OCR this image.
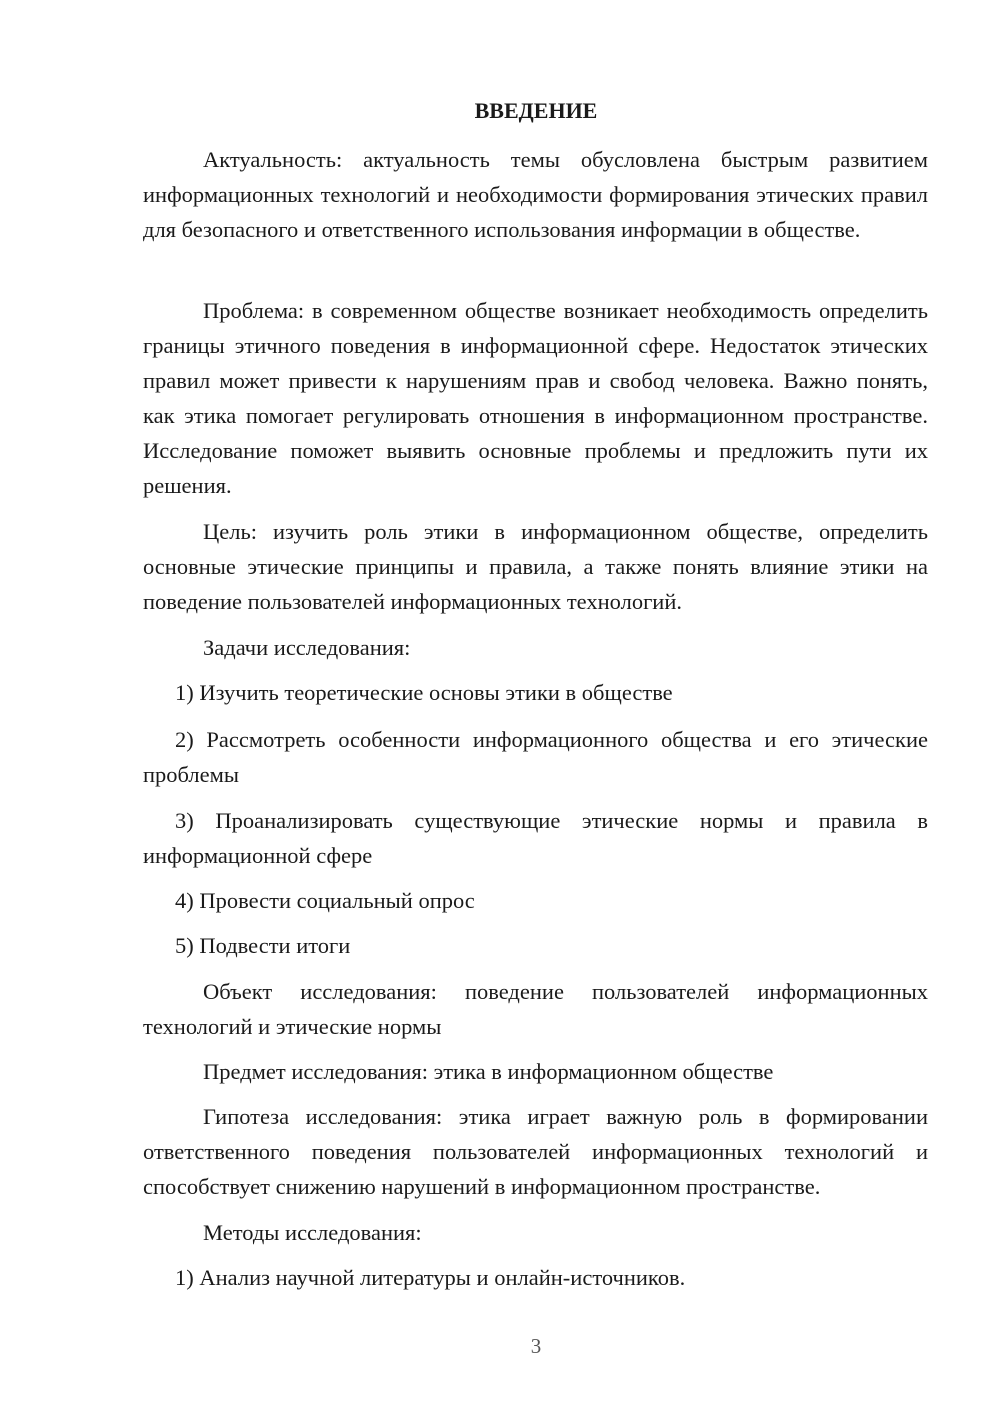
ВВЕДЕНИЕ

Актуальность: актуальность темы обусловлена быстрым развитием информационных технологий и необходимости формирования этических правил для безопасного и ответственного использования информации в обществе.

Проблема: в современном обществе возникает необходимость определить границы этичного поведения в информационной сфере. Недостаток этических правил может привести к нарушениям прав и свобод человека. Важно понять, как этика помогает регулировать отношения в информационном пространстве. Исследование поможет выявить основные проблемы и предложить пути их решения.

Цель: изучить роль этики в информационном обществе, определить основные этические принципы и правила, а также понять влияние этики на поведение пользователей информационных технологий.

Задачи исследования:

1) Изучить теоретические основы этики в обществе

2) Рассмотреть особенности информационного общества и его этические проблемы

3) Проанализировать существующие этические нормы и правила в информационной сфере

4) Провести социальный опрос

5) Подвести итоги

Объект исследования: поведение пользователей информационных технологий и этические нормы

Предмет исследования: этика в информационном обществе

Гипотеза исследования: этика играет важную роль в формировании ответственного поведения пользователей информационных технологий и способствует снижению нарушений в информационном пространстве.

Методы исследования:

1) Анализ научной литературы и онлайн-источников.

3
